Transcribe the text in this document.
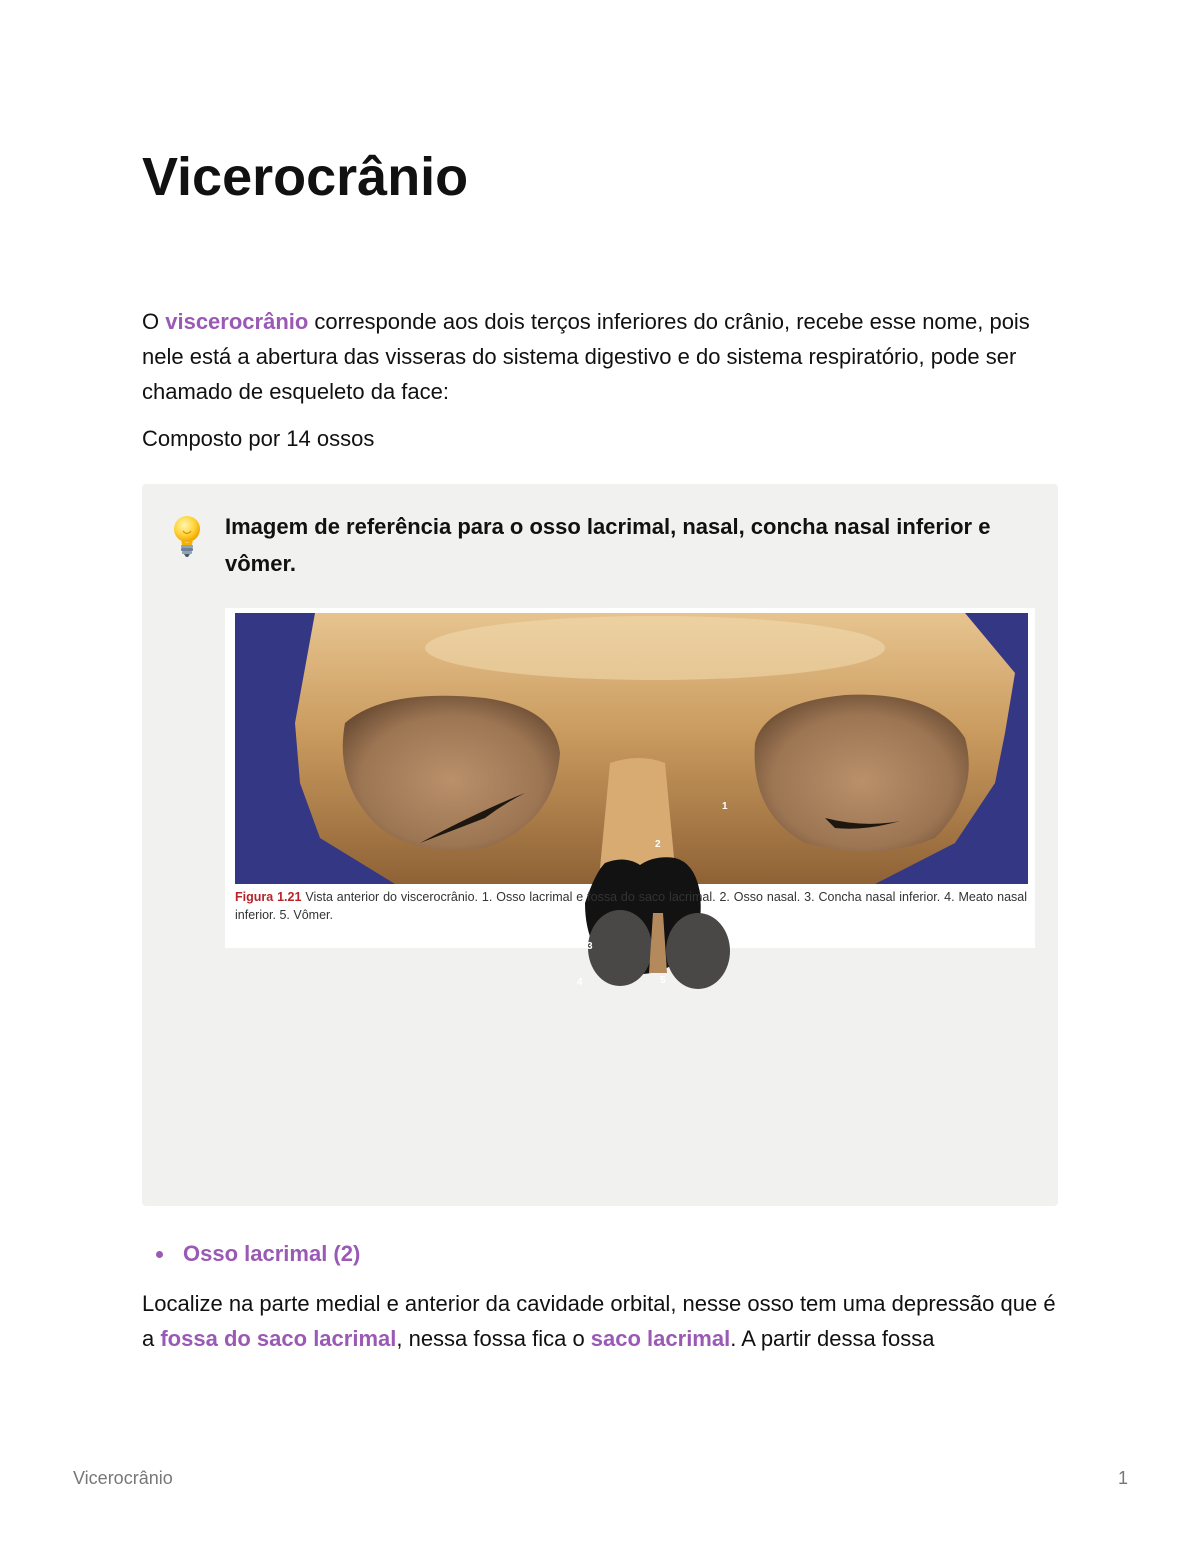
Vicerocrânio

O viscerocrânio corresponde aos dois terços inferiores do crânio, recebe esse nome, pois nele está a abertura das visseras do sistema digestivo e do sistema respiratório, pode ser chamado de esqueleto da face:

Composto por 14 ossos

Imagem de referência para o osso lacrimal, nasal, concha nasal inferior e vômer.

1
2
3
4	5

Figura 1.21 Vista anterior do viscerocrânio. 1. Osso lacrimal e fossa do saco lacrimal. 2. Osso nasal. 3. Concha nasal inferior. 4. Meato nasal inferior. 5. Vômer.

Osso lacrimal (2)

Localize na parte medial e anterior da cavidade orbital, nesse osso tem uma depressão que é a fossa do saco lacrimal, nessa fossa fica o saco lacrimal. A partir dessa fossa

Vicerocrânio	1
